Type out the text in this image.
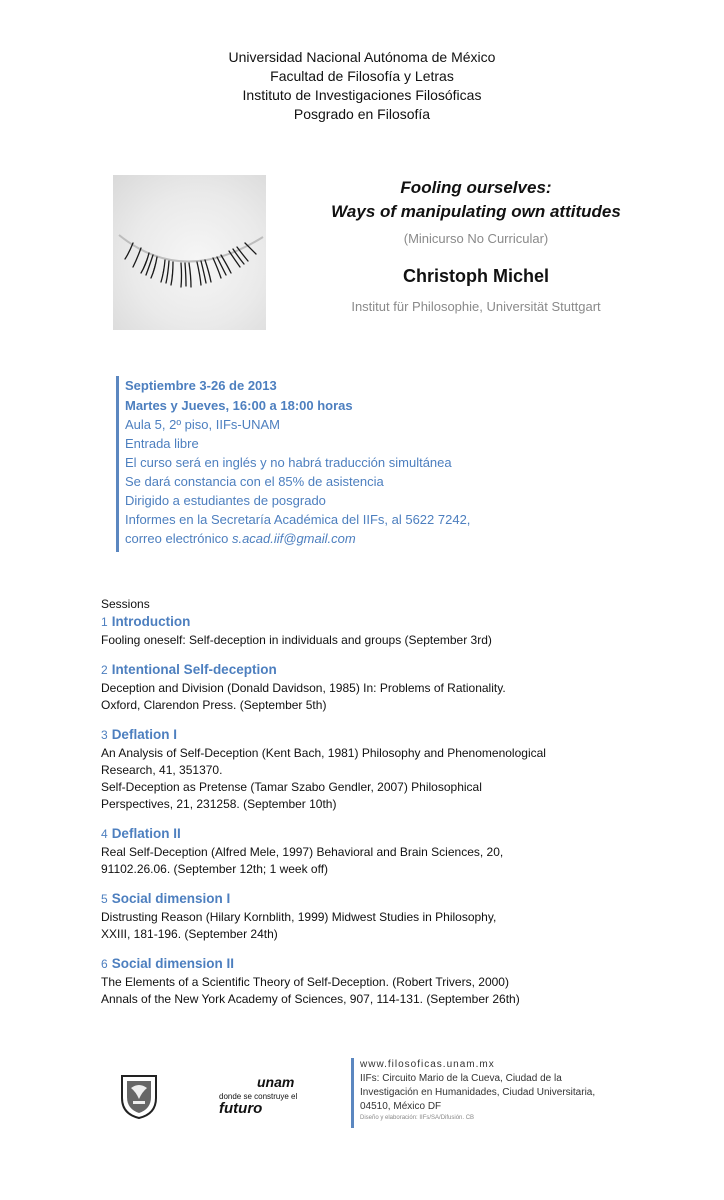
Universidad Nacional Autónoma de México
Facultad de Filosofía y Letras
Instituto de Investigaciones Filosóficas
Posgrado en Filosofía
Fooling ourselves:
Ways of manipulating own attitudes
(Minicurso No Curricular)
Christoph Michel
Institut für Philosophie, Universität Stuttgart
Septiembre 3-26 de 2013
Martes y Jueves, 16:00 a 18:00 horas
Aula 5, 2º piso, IIFs-UNAM
Entrada libre
El curso será en inglés y no habrá traducción simultánea
Se dará constancia con el 85% de asistencia
Dirigido a estudiantes de posgrado
Informes en la Secretaría Académica del IIFs, al 5622 7242,
correo electrónico s.acad.iif@gmail.com
Sessions
1 Introduction
Fooling oneself: Self-deception in individuals and groups (September 3rd)
2 Intentional Self-deception
Deception and Division (Donald Davidson, 1985) In: Problems of Rationality.
Oxford, Clarendon Press. (September 5th)
3 Deflation I
An Analysis of Self-Deception (Kent Bach, 1981) Philosophy and Phenomenological
Research, 41, 351370.
Self-Deception as Pretense (Tamar Szabo Gendler, 2007) Philosophical
Perspectives, 21, 231258. (September 10th)
4 Deflation II
Real Self-Deception (Alfred Mele, 1997) Behavioral and Brain Sciences, 20,
91102.26.06. (September 12th; 1 week off)
5 Social dimension I
Distrusting Reason (Hilary Kornblith, 1999) Midwest Studies in Philosophy,
XXIII, 181-196. (September 24th)
6 Social dimension II
The Elements of a Scientific Theory of Self-Deception. (Robert Trivers, 2000)
Annals of the New York Academy of Sciences, 907, 114-131. (September 26th)
unam
donde se construye el
futuro
www.filosoficas.unam.mx
IIFs: Circuito Mario de la Cueva, Ciudad de la
Investigación en Humanidades, Ciudad Universitaria,
04510, México DF
Diseño y elaboración: IIFs/SA/Difusión. CB
